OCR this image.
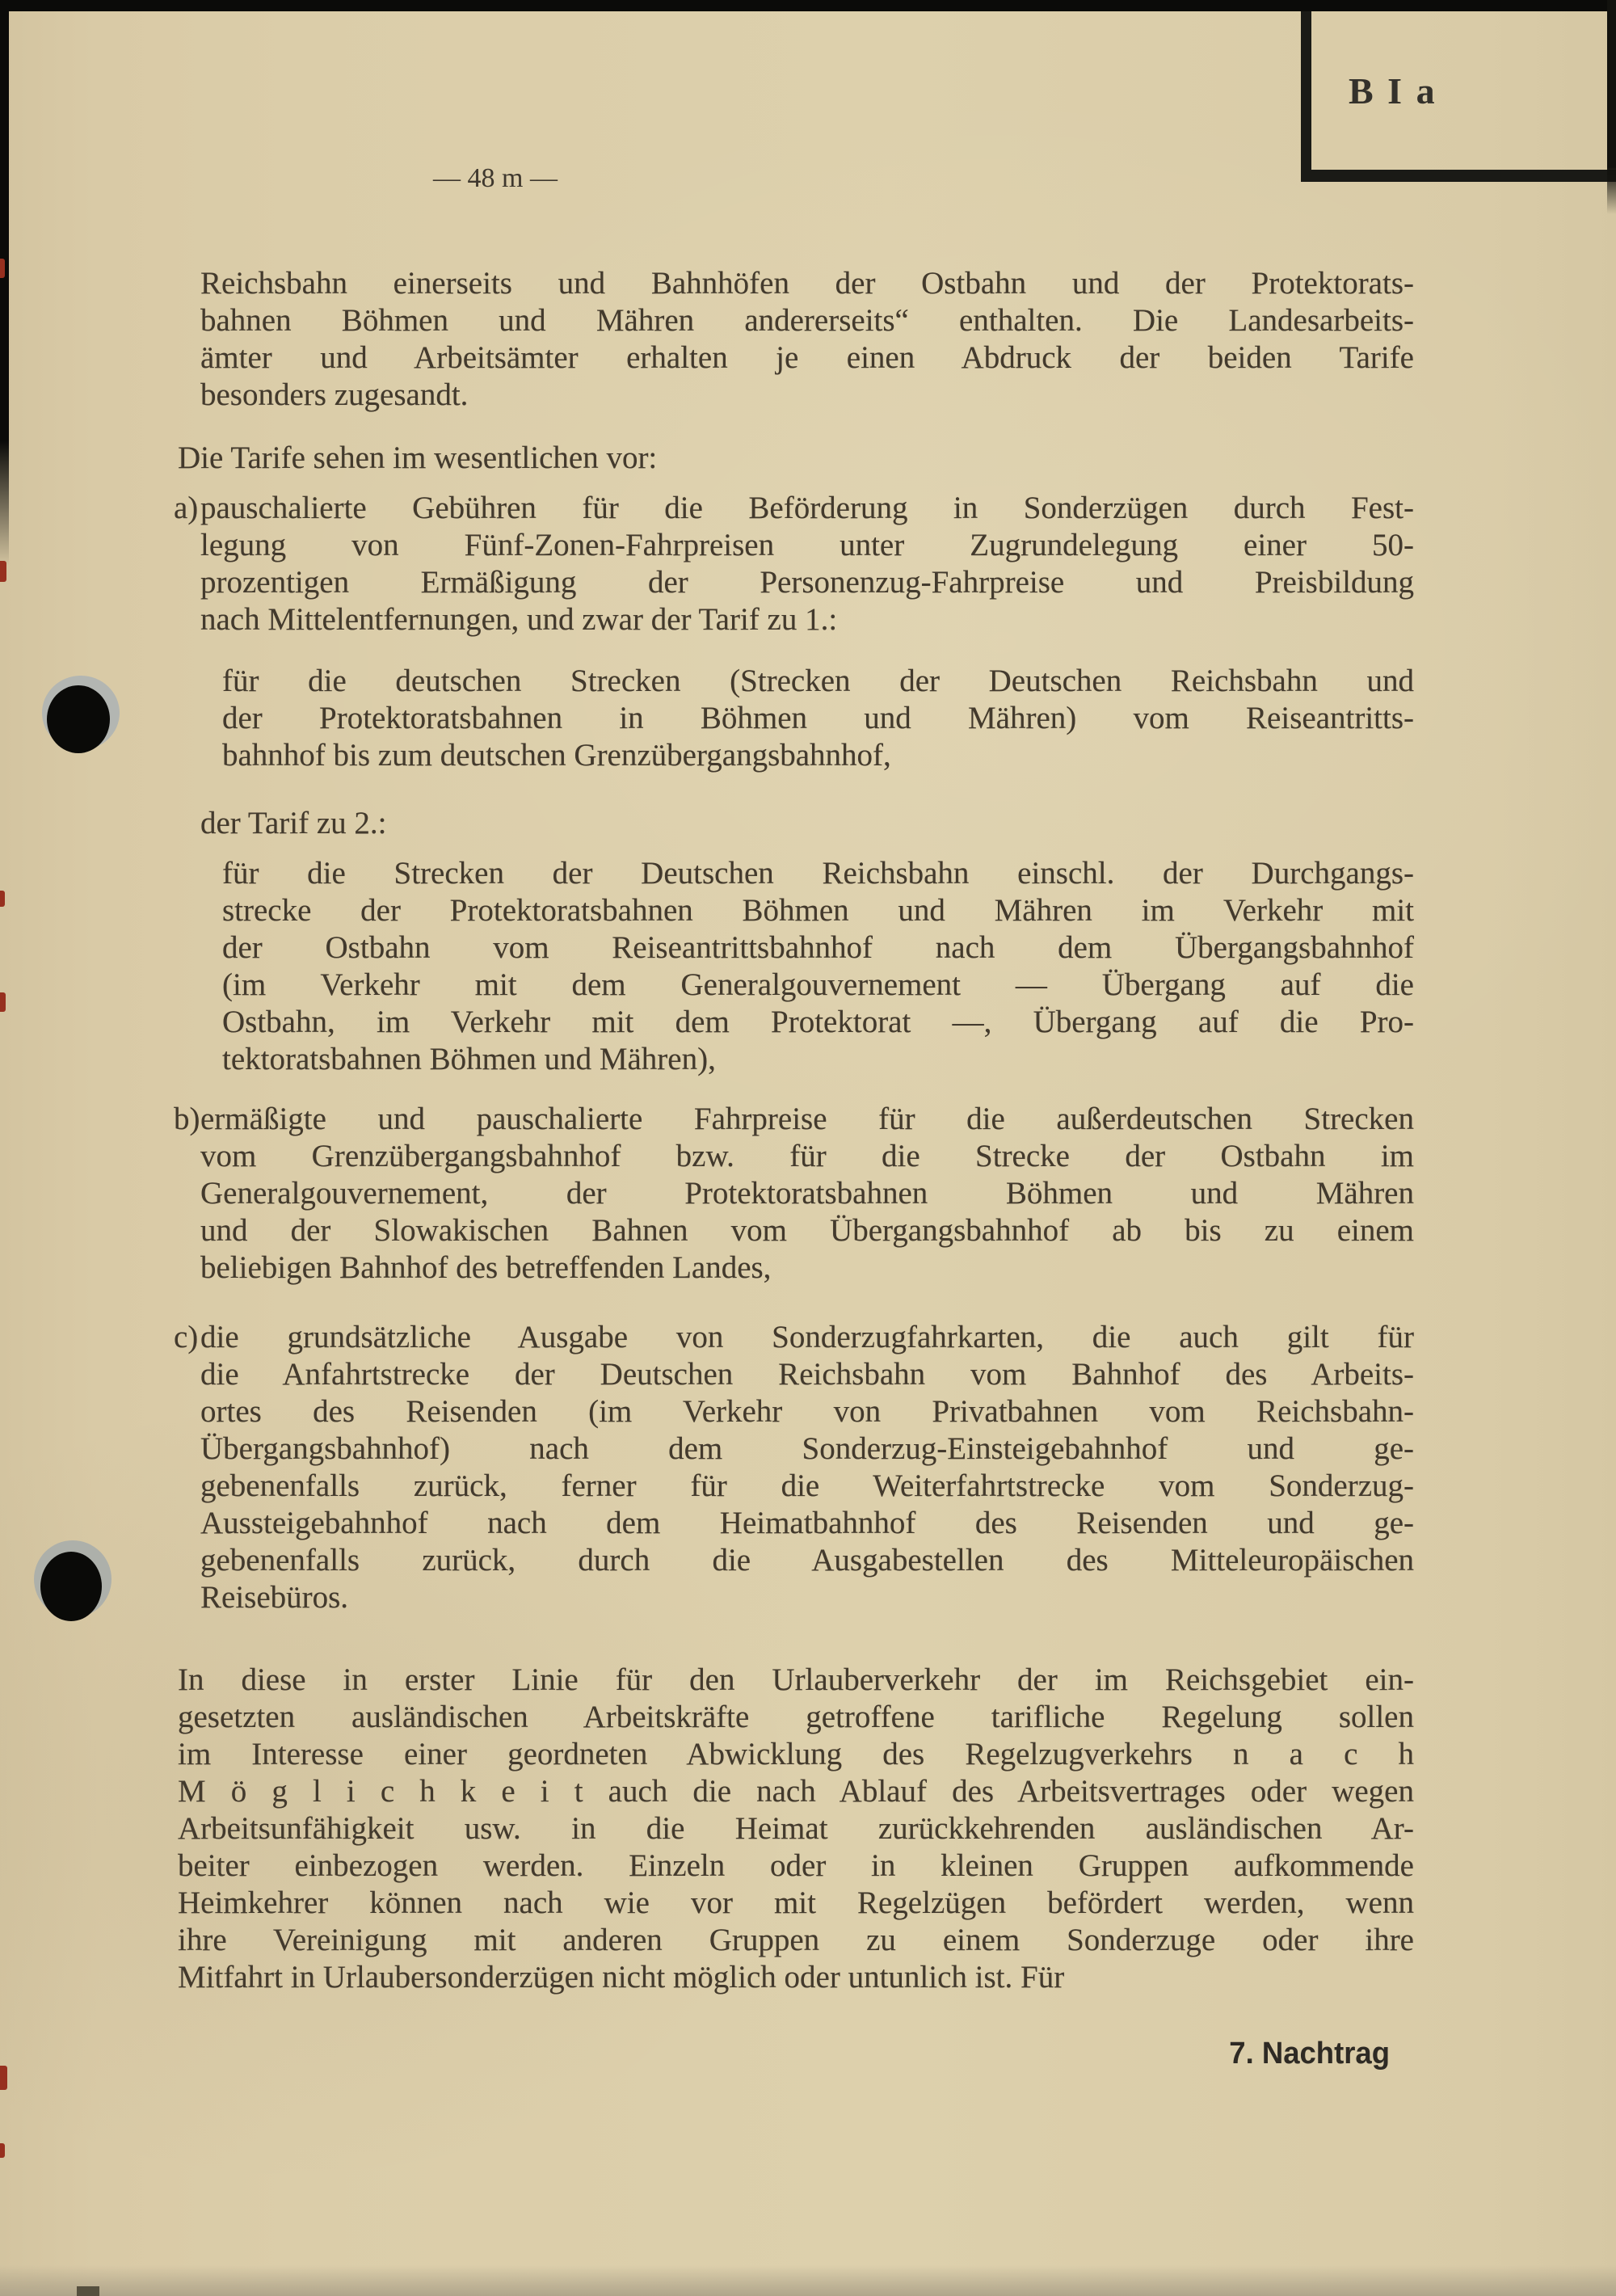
B I a
— 48 m —
Reichsbahn einerseits und Bahnhöfen der Ostbahn und der Protektorats-
bahnen Böhmen und Mähren andererseits“ enthalten. Die Landesarbeits-
ämter und Arbeitsämter erhalten je einen Abdruck der beiden Tarife
besonders zugesandt.
Die Tarife sehen im wesentlichen vor:
a) pauschalierte Gebühren für die Beförderung in Sonderzügen durch Fest-
legung von Fünf-Zonen-Fahrpreisen unter Zugrundelegung einer 50-
prozentigen Ermäßigung der Personenzug-Fahrpreise und Preisbildung
nach Mittelentfernungen, und zwar der Tarif zu 1.:
für die deutschen Strecken (Strecken der Deutschen Reichsbahn und
der Protektoratsbahnen in Böhmen und Mähren) vom Reiseantritts-
bahnhof bis zum deutschen Grenzübergangsbahnhof,
der Tarif zu 2.:
für die Strecken der Deutschen Reichsbahn einschl. der Durchgangs-
strecke der Protektoratsbahnen Böhmen und Mähren im Verkehr mit
der Ostbahn vom Reiseantrittsbahnhof nach dem Übergangsbahnhof
(im Verkehr mit dem Generalgouvernement — Übergang auf die
Ostbahn, im Verkehr mit dem Protektorat —, Übergang auf die Pro-
tektoratsbahnen Böhmen und Mähren),
b) ermäßigte und pauschalierte Fahrpreise für die außerdeutschen Strecken
vom Grenzübergangsbahnhof bzw. für die Strecke der Ostbahn im
Generalgouvernement, der Protektoratsbahnen Böhmen und Mähren
und der Slowakischen Bahnen vom Übergangsbahnhof ab bis zu einem
beliebigen Bahnhof des betreffenden Landes,
c) die grundsätzliche Ausgabe von Sonderzugfahrkarten, die auch gilt für
die Anfahrtstrecke der Deutschen Reichsbahn vom Bahnhof des Arbeits-
ortes des Reisenden (im Verkehr von Privatbahnen vom Reichsbahn-
Übergangsbahnhof) nach dem Sonderzug-Einsteigebahnhof und ge-
gebenenfalls zurück, ferner für die Weiterfahrtstrecke vom Sonderzug-
Aussteigebahnhof nach dem Heimatbahnhof des Reisenden und ge-
gebenenfalls zurück, durch die Ausgabestellen des Mitteleuropäischen
Reisebüros.
In diese in erster Linie für den Urlauberverkehr der im Reichsgebiet ein-
gesetzten ausländischen Arbeitskräfte getroffene tarifliche Regelung sollen
im Interesse einer geordneten Abwicklung des Regelzugverkehrs n a c h
M ö g l i c h k e i t auch die nach Ablauf des Arbeitsvertrages oder wegen
Arbeitsunfähigkeit usw. in die Heimat zurückkehrenden ausländischen Ar-
beiter einbezogen werden. Einzeln oder in kleinen Gruppen aufkommende
Heimkehrer können nach wie vor mit Regelzügen befördert werden, wenn
ihre Vereinigung mit anderen Gruppen zu einem Sonderzuge oder ihre
Mitfahrt in Urlaubersonderzügen nicht möglich oder untunlich ist. Für
7. Nachtrag
